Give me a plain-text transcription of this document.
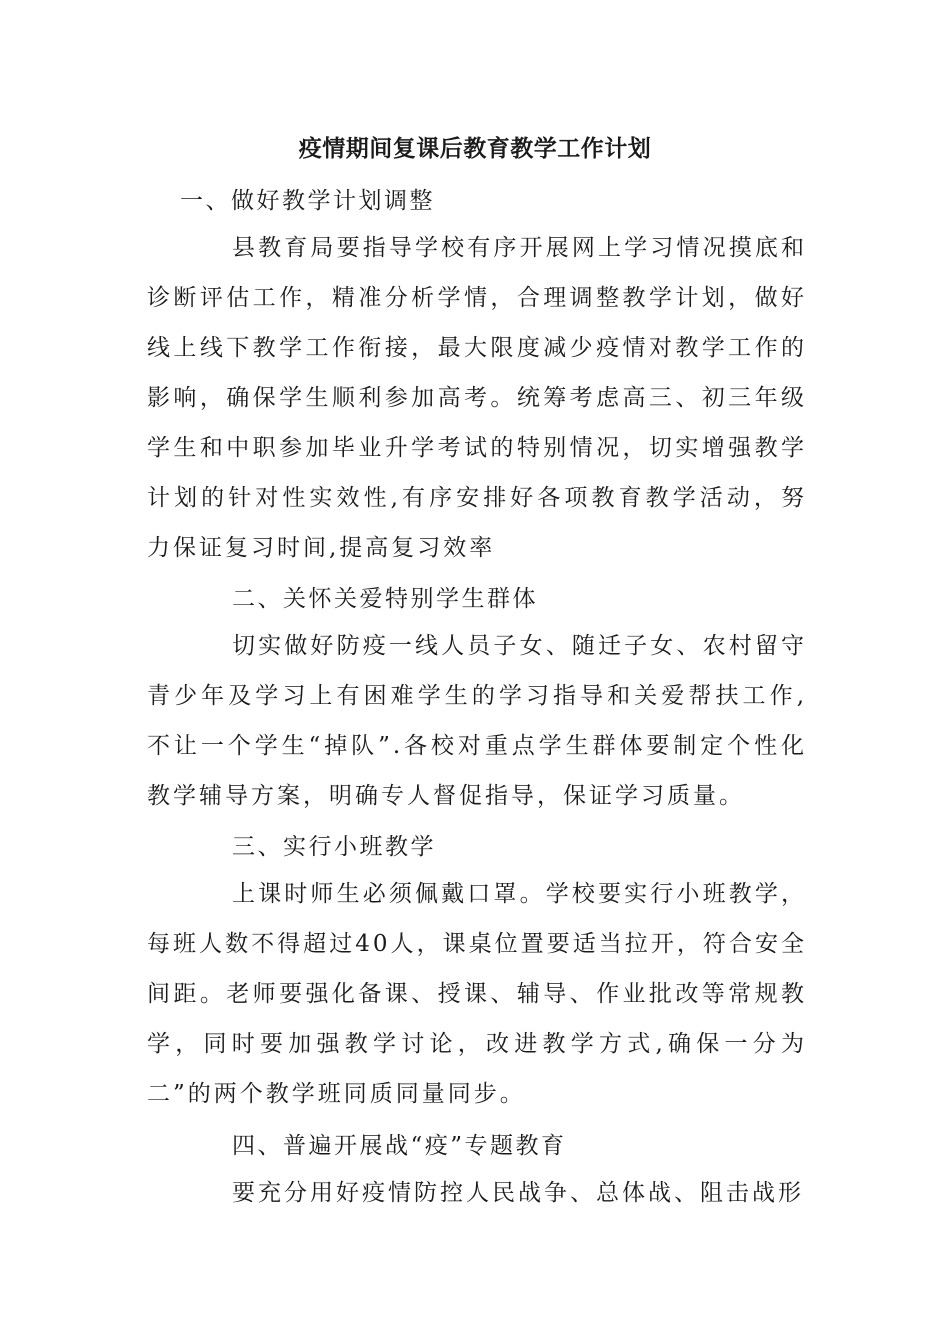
疫情期间复课后教育教学工作计划
一、做好教学计划调整
县教育局要指导学校有序开展网上学习情况摸底和诊断评估工作，精准分析学情，合理调整教学计划，做好线上线下教学工作衔接，最大限度减少疫情对教学工作的影响，确保学生顺利参加高考。统筹考虑高三、初三年级学生和中职参加毕业升学考试的特别情况，切实增强教学计划的针对性实效性,有序安排好各项教育教学活动，努力保证复习时间,提高复习效率
二、关怀关爱特别学生群体
切实做好防疫一线人员子女、随迁子女、农村留守青少年及学习上有困难学生的学习指导和关爱帮扶工作,不让一个学生“掉队”.各校对重点学生群体要制定个性化教学辅导方案，明确专人督促指导，保证学习质量。
三、实行小班教学
上课时师生必须佩戴口罩。学校要实行小班教学，每班人数不得超过40人，课桌位置要适当拉开，符合安全间距。老师要强化备课、授课、辅导、作业批改等常规教学，同时要加强教学讨论，改进教学方式,确保一分为二”的两个教学班同质同量同步。
四、普遍开展战“疫”专题教育
要充分用好疫情防控人民战争、总体战、阻击战形
